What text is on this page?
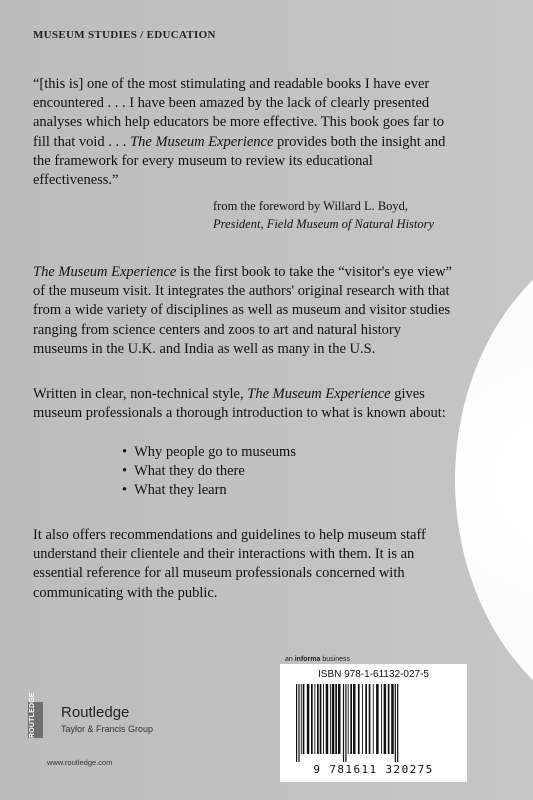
MUSEUM STUDIES / EDUCATION
“[this is] one of the most stimulating and readable books I have ever encountered . . . I have been amazed by the lack of clearly presented analyses which help educators be more effective. This book goes far to fill that void . . . The Museum Experience provides both the insight and the framework for every museum to review its educational effectiveness.”
from the foreword by Willard L. Boyd,
President, Field Museum of Natural History
The Museum Experience is the first book to take the “visitor's eye view” of the museum visit. It integrates the authors' original research with that from a wide variety of disciplines as well as museum and visitor studies ranging from science centers and zoos to art and natural history museums in the U.K. and India as well as many in the U.S.
Written in clear, non-technical style, The Museum Experience gives museum professionals a thorough introduction to what is known about:
• Why people go to museums
• What they do there
• What they learn
It also offers recommendations and guidelines to help museum staff understand their clientele and their interactions with them. It is an essential reference for all museum professionals concerned with communicating with the public.
ROUTLEDGE	Routledge
Taylor & Francis Group
www.routledge.com
an informa business
ISBN 978-1-61132-027-5
9 781611 320275
